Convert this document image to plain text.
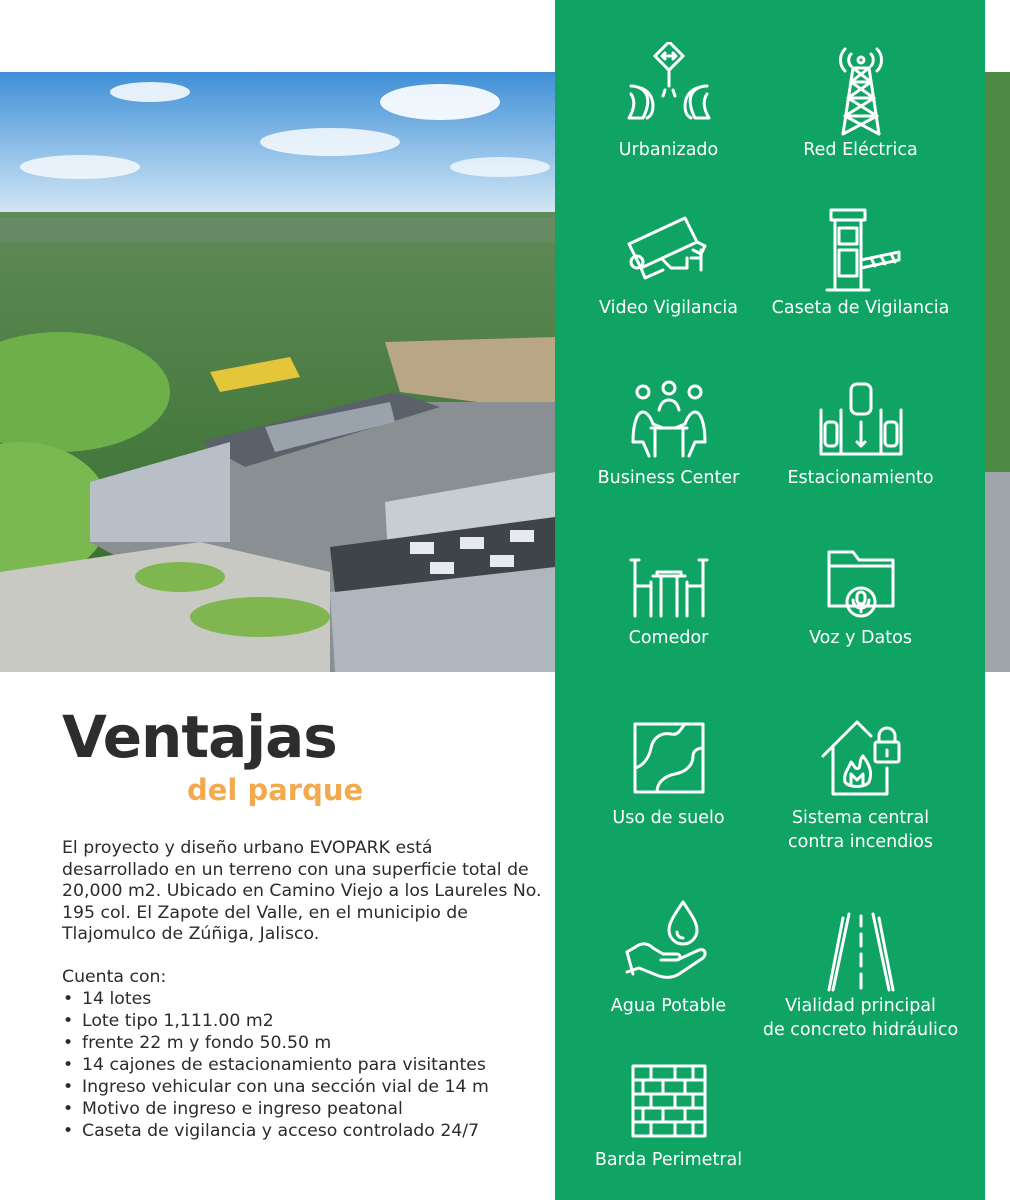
Urbanizado	Red Eléctrica
Video Vigilancia	Caseta de Vigilancia
Business Center	Estacionamiento
Comedor	Voz y Datos
Uso de suelo	Sistema central
contra incendios
Agua Potable	Vialidad principal
de concreto hidráulico
Barda Perimetral
Ventajas
del parque

El proyecto y diseño urbano EVOPARK está desarrollado en un terreno con una superficie total de 20,000 m2. Ubicado en Camino Viejo a los Laureles No. 195 col. El Zapote del Valle, en el municipio de Tlajomulco de Zúñiga, Jalisco.

Cuenta con:

• 14 lotes
• Lote tipo 1,111.00 m2
• frente 22 m y fondo 50.50 m
• 14 cajones de estacionamiento para visitantes
• Ingreso vehicular con una sección vial de 14 m
• Motivo de ingreso e ingreso peatonal
• Caseta de vigilancia y acceso controlado 24/7
